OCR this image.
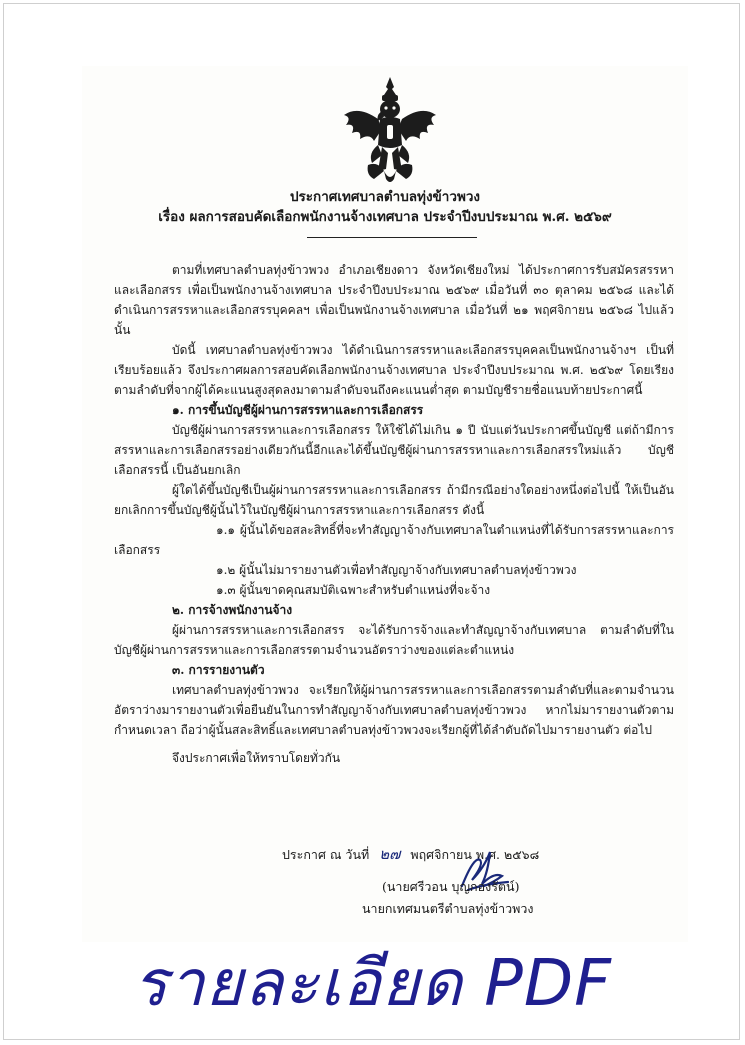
ประกาศเทศบาลตำบลทุ่งข้าวพวง
เรื่อง ผลการสอบคัดเลือกพนักงานจ้างเทศบาล ประจำปีงบประมาณ พ.ศ. ๒๕๖๙

ตามที่เทศบาลตำบลทุ่งข้าวพวง อำเภอเชียงดาว จังหวัดเชียงใหม่ ได้ประกาศการรับสมัครสรรหา และเลือกสรร เพื่อเป็นพนักงานจ้างเทศบาล ประจำปีงบประมาณ ๒๕๖๙ เมื่อวันที่ ๓๐ ตุลาคม ๒๕๖๘ และได้ดำเนินการสรรหาและเลือกสรรบุคคลฯ เพื่อเป็นพนักงานจ้างเทศบาล เมื่อวันที่ ๒๑ พฤศจิกายน ๒๕๖๘ ไปแล้วนั้น

บัดนี้ เทศบาลตำบลทุ่งข้าวพวง ได้ดำเนินการสรรหาและเลือกสรรบุคคลเป็นพนักงานจ้างฯ เป็นที่เรียบร้อยแล้ว จึงประกาศผลการสอบคัดเลือกพนักงานจ้างเทศบาล ประจำปีงบประมาณ พ.ศ. ๒๕๖๙ โดยเรียงตามลำดับที่จากผู้ได้คะแนนสูงสุดลงมาตามลำดับจนถึงคะแนนต่ำสุด ตามบัญชีรายชื่อแนบท้ายประกาศนี้

๑. การขึ้นบัญชีผู้ผ่านการสรรหาและการเลือกสรร

บัญชีผู้ผ่านการสรรหาและการเลือกสรร ให้ใช้ได้ไม่เกิน ๑ ปี นับแต่วันประกาศขึ้นบัญชี แต่ถ้ามีการสรรหาและการเลือกสรรอย่างเดียวกันนี้อีกและได้ขึ้นบัญชีผู้ผ่านการสรรหาและการเลือกสรรใหม่แล้ว บัญชีเลือกสรรนี้ เป็นอันยกเลิก

ผู้ใดได้ขึ้นบัญชีเป็นผู้ผ่านการสรรหาและการเลือกสรร ถ้ามีกรณีอย่างใดอย่างหนึ่งต่อไปนี้ ให้เป็นอันยกเลิกการขึ้นบัญชีผู้นั้นไว้ในบัญชีผู้ผ่านการสรรหาและการเลือกสรร ดังนี้

๑.๑ ผู้นั้นได้ขอสละสิทธิ์ที่จะทำสัญญาจ้างกับเทศบาลในตำแหน่งที่ได้รับการสรรหาและการเลือกสรร

๑.๒ ผู้นั้นไม่มารายงานตัวเพื่อทำสัญญาจ้างกับเทศบาลตำบลทุ่งข้าวพวง

๑.๓ ผู้นั้นขาดคุณสมบัติเฉพาะสำหรับตำแหน่งที่จะจ้าง

๒. การจ้างพนักงานจ้าง

ผู้ผ่านการสรรหาและการเลือกสรร จะได้รับการจ้างและทำสัญญาจ้างกับเทศบาล ตามลำดับที่ในบัญชีผู้ผ่านการสรรหาและการเลือกสรรตามจำนวนอัตราว่างของแต่ละตำแหน่ง

๓. การรายงานตัว

เทศบาลตำบลทุ่งข้าวพวง จะเรียกให้ผู้ผ่านการสรรหาและการเลือกสรรตามลำดับที่และตามจำนวนอัตราว่างมารายงานตัวเพื่อยืนยันในการทำสัญญาจ้างกับเทศบาลตำบลทุ่งข้าวพวง หากไม่มารายงานตัวตามกำหนดเวลา ถือว่าผู้นั้นสละสิทธิ์และเทศบาลตำบลทุ่งข้าวพวงจะเรียกผู้ที่ได้ลำดับถัดไปมารายงานตัว ต่อไป

จึงประกาศเพื่อให้ทราบโดยทั่วกัน

ประกาศ ณ วันที่ ๒๗ พฤศจิกายน พ.ศ. ๒๕๖๘
(นายศรีวอน บุญกองรัตน์)
นายกเทศมนตรีตำบลทุ่งข้าวพวง
รายละเอียด PDF
